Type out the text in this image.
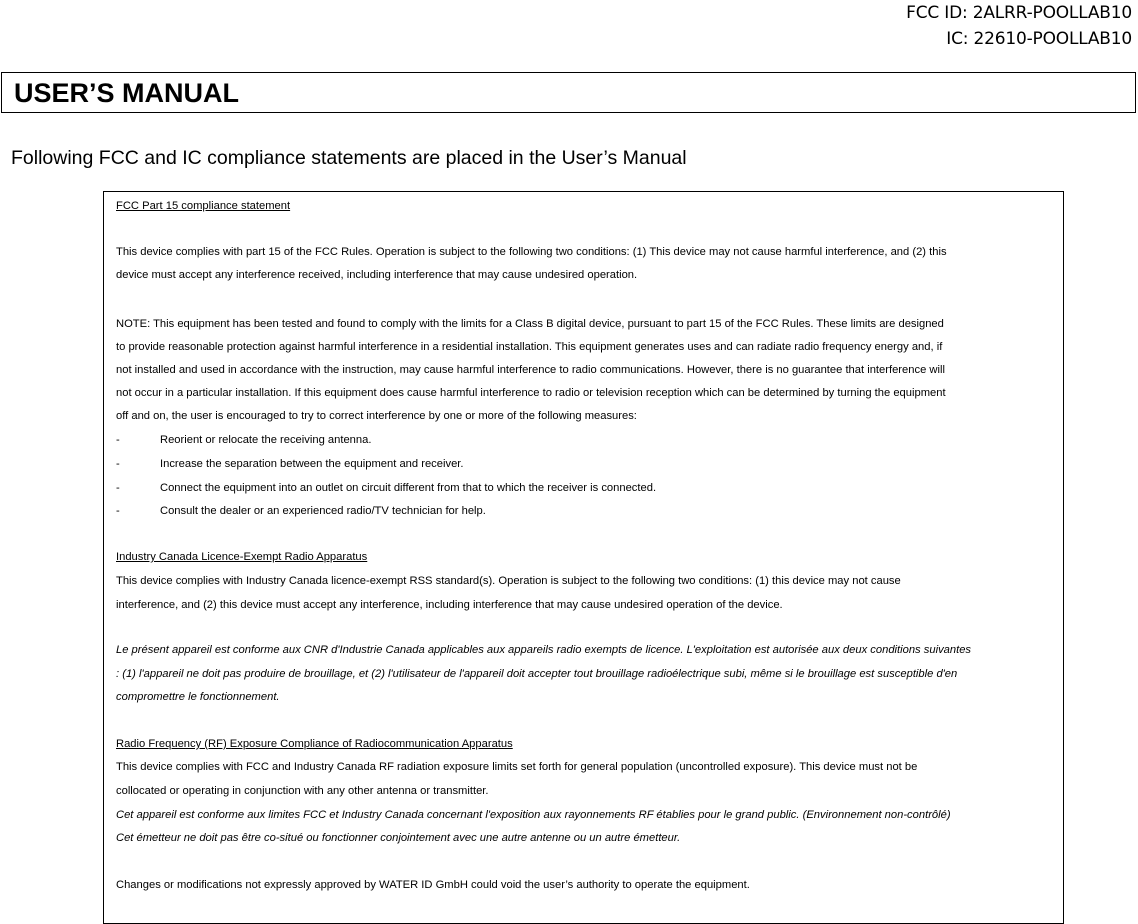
FCC ID: 2ALRR-POOLLAB10
IC: 22610-POOLLAB10
USER’S MANUAL
Following FCC and IC compliance statements are placed in the User’s Manual
FCC Part 15 compliance statement
This device complies with part 15 of the FCC Rules. Operation is subject to the following two conditions: (1) This device may not cause harmful interference, and (2) this
device must accept any interference received, including interference that may cause undesired operation.
NOTE: This equipment has been tested and found to comply with the limits for a Class B digital device, pursuant to part 15 of the FCC Rules. These limits are designed
to provide reasonable protection against harmful interference in a residential installation. This equipment generates uses and can radiate radio frequency energy and, if
not installed and used in accordance with the instruction, may cause harmful interference to radio communications. However, there is no guarantee that interference will
not occur in a particular installation. If this equipment does cause harmful interference to radio or television reception which can be determined by turning the equipment
off and on, the user is encouraged to try to correct interference by one or more of the following measures:
-	Reorient or relocate the receiving antenna.
-	Increase the separation between the equipment and receiver.
-	Connect the equipment into an outlet on circuit different from that to which the receiver is connected.
-	Consult the dealer or an experienced radio/TV technician for help.
Industry Canada Licence-Exempt Radio Apparatus
This device complies with Industry Canada licence-exempt RSS standard(s). Operation is subject to the following two conditions: (1) this device may not cause
interference, and (2) this device must accept any interference, including interference that may cause undesired operation of the device.
Le présent appareil est conforme aux CNR d'Industrie Canada applicables aux appareils radio exempts de licence. L'exploitation est autorisée aux deux conditions suivantes
: (1) l'appareil ne doit pas produire de brouillage, et (2) l'utilisateur de l'appareil doit accepter tout brouillage radioélectrique subi, même si le brouillage est susceptible d'en
compromettre le fonctionnement.
Radio Frequency (RF) Exposure Compliance of Radiocommunication Apparatus
This device complies with FCC and Industry Canada RF radiation exposure limits set forth for general population (uncontrolled exposure). This device must not be
collocated or operating in conjunction with any other antenna or transmitter.
Cet appareil est conforme aux limites FCC et Industry Canada concernant l'exposition aux rayonnements RF établies pour le grand public. (Environnement non-contrôlé)
Cet émetteur ne doit pas être co-situé ou fonctionner conjointement avec une autre antenne ou un autre émetteur.
Changes or modifications not expressly approved by WATER ID GmbH could void the user’s authority to operate the equipment.
